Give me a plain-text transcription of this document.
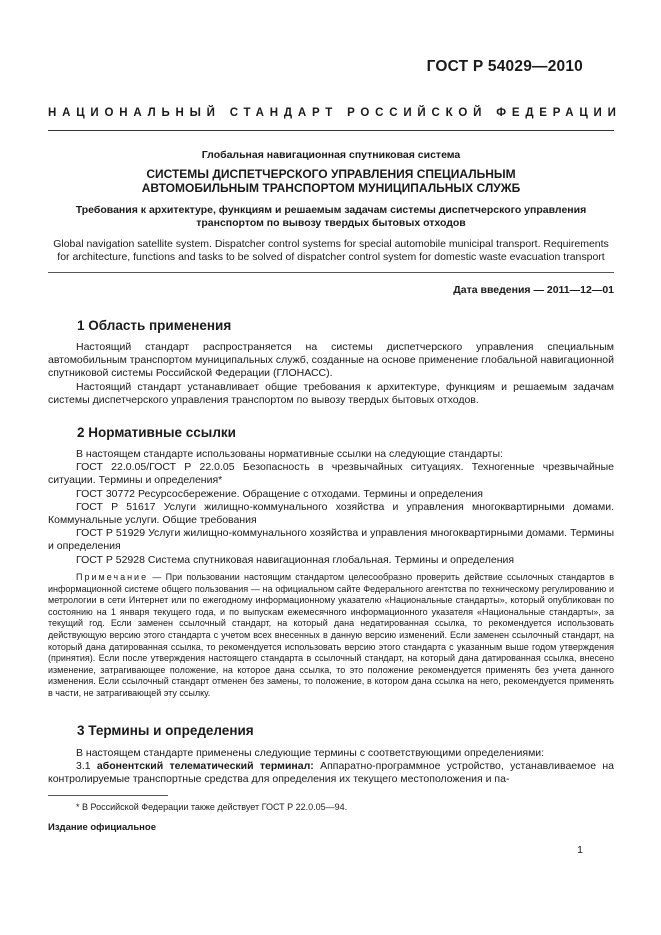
ГОСТ Р 54029—2010
НАЦИОНАЛЬНЫЙ СТАНДАРТ РОССИЙСКОЙ ФЕДЕРАЦИИ
Глобальная навигационная спутниковая система
СИСТЕМЫ ДИСПЕТЧЕРСКОГО УПРАВЛЕНИЯ СПЕЦИАЛЬНЫМ
АВТОМОБИЛЬНЫМ ТРАНСПОРТОМ МУНИЦИПАЛЬНЫХ СЛУЖБ
Требования к архитектуре, функциям и решаемым задачам системы диспетчерского управления
транспортом по вывозу твердых бытовых отходов
Global navigation satellite system. Dispatcher control systems for special automobile municipal transport. Requirements
for architecture, functions and tasks to be solved of dispatcher control system for domestic waste evacuation transport
Дата введения — 2011—12—01
1 Область применения

Настоящий стандарт распространяется на системы диспетчерского управления специальным автомобильным транспортом муниципальных служб, созданные на основе применение глобальной навигационной спутниковой системы Российской Федерации (ГЛОНАСС).

Настоящий стандарт устанавливает общие требования к архитектуре, функциям и решаемым задачам системы диспетчерского управления транспортом по вывозу твердых бытовых отходов.

2 Нормативные ссылки

В настоящем стандарте использованы нормативные ссылки на следующие стандарты:

ГОСТ 22.0.05/ГОСТ Р 22.0.05 Безопасность в чрезвычайных ситуациях. Техногенные чрезвычайные ситуации. Термины и определения*

ГОСТ 30772 Ресурсосбережение. Обращение с отходами. Термины и определения

ГОСТ Р 51617 Услуги жилищно-коммунального хозяйства и управления многоквартирными домами. Коммунальные услуги. Общие требования

ГОСТ Р 51929 Услуги жилищно-коммунального хозяйства и управления многоквартирными домами. Термины и определения

ГОСТ Р 52928 Система спутниковая навигационная глобальная. Термины и определения

Примечание — При пользовании настоящим стандартом целесообразно проверить действие ссылочных стандартов в информационной системе общего пользования — на официальном сайте Федерального агентства по техническому регулированию и метрологии в сети Интернет или по ежегодному информационному указателю «Национальные стандарты», который опубликован по состоянию на 1 января текущего года, и по выпускам ежемесячного информационного указателя «Национальные стандарты», за текущий год. Если заменен ссылочный стандарт, на который дана недатированная ссылка, то рекомендуется использовать действующую версию этого стандарта с учетом всех внесенных в данную версию изменений. Если заменен ссылочный стандарт, на который дана датированная ссылка, то рекомендуется использовать версию этого стандарта с указанным выше годом утверждения (принятия). Если после утверждения настоящего стандарта в ссылочный стандарт, на который дана датированная ссылка, внесено изменение, затрагивающее положение, на которое дана ссылка, то это положение рекомендуется применять без учета данного изменения. Если ссылочный стандарт отменен без замены, то положение, в котором дана ссылка на него, рекомендуется применять в части, не затрагивающей эту ссылку.

3 Термины и определения

В настоящем стандарте применены следующие термины с соответствующими определениями:

3.1 абонентский телематический терминал: Аппаратно-программное устройство, устанавливаемое на контролируемые транспортные средства для определения их текущего местоположения и па-

* В Российской Федерации также действует ГОСТ Р 22.0.05—94.
Издание официальное
1
